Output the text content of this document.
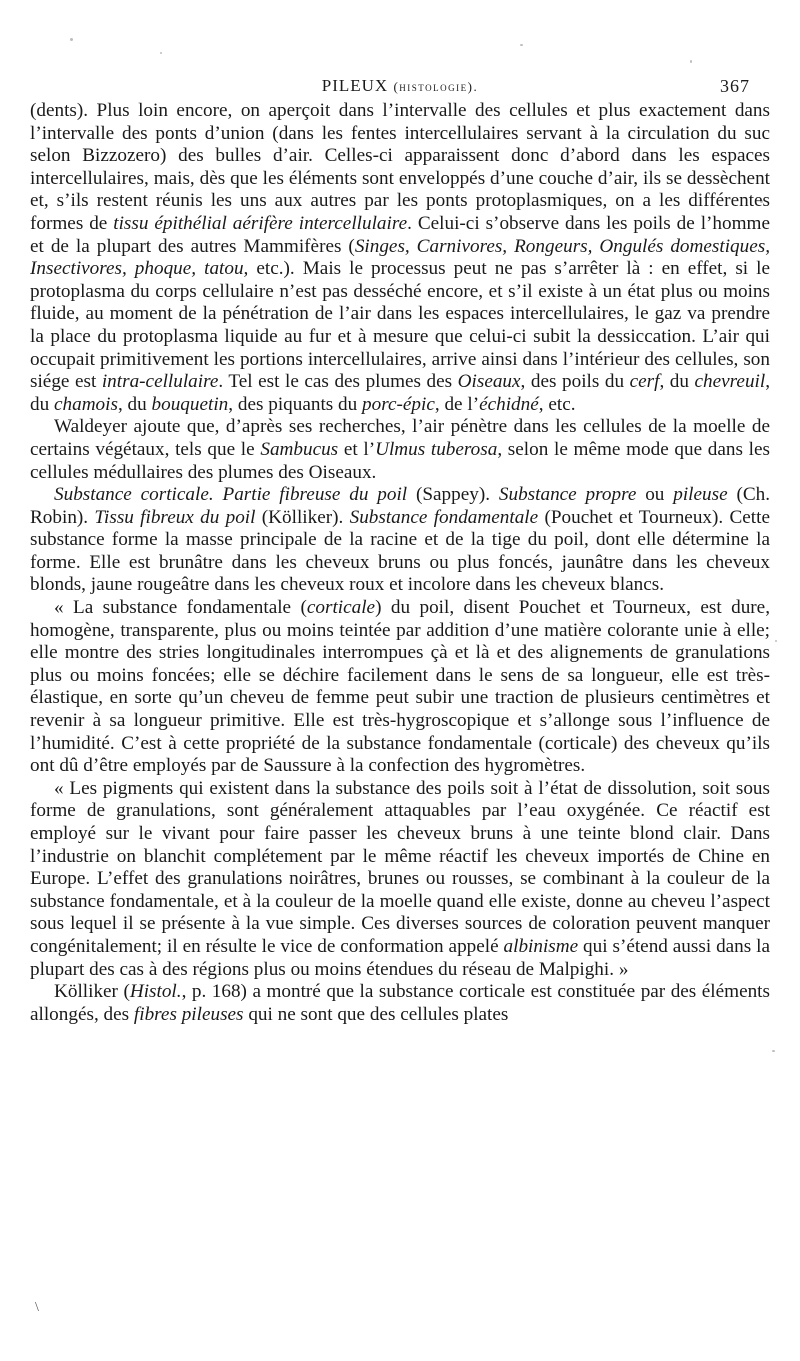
PILEUX (histologie).	367

(dents). Plus loin encore, on aperçoit dans l’intervalle des cellules et plus exactement dans l’intervalle des ponts d’union (dans les fentes intercellulaires servant à la circulation du suc selon Bizzozero) des bulles d’air. Celles-ci apparaissent donc d’abord dans les espaces intercellulaires, mais, dès que les éléments sont enveloppés d’une couche d’air, ils se dessèchent et, s’ils restent réunis les uns aux autres par les ponts protoplasmiques, on a les différentes formes de tissu épithélial aérifère intercellulaire. Celui-ci s’observe dans les poils de l’homme et de la plupart des autres Mammifères (Singes, Carnivores, Rongeurs, Ongulés domestiques, Insectivores, phoque, tatou, etc.). Mais le processus peut ne pas s’arrêter là : en effet, si le protoplasma du corps cellulaire n’est pas desséché encore, et s’il existe à un état plus ou moins fluide, au moment de la pénétration de l’air dans les espaces intercellulaires, le gaz va prendre la place du protoplasma liquide au fur et à mesure que celui-ci subit la dessiccation. L’air qui occupait primitivement les portions intercellulaires, arrive ainsi dans l’intérieur des cellules, son siége est intra-cellulaire. Tel est le cas des plumes des Oiseaux, des poils du cerf, du chevreuil, du chamois, du bouquetin, des piquants du porc-épic, de l’échidné, etc.

Waldeyer ajoute que, d’après ses recherches, l’air pénètre dans les cellules de la moelle de certains végétaux, tels que le Sambucus et l’Ulmus tuberosa, selon le même mode que dans les cellules médullaires des plumes des Oiseaux.

Substance corticale. Partie fibreuse du poil (Sappey). Substance propre ou pileuse (Ch. Robin). Tissu fibreux du poil (Kölliker). Substance fondamentale (Pouchet et Tourneux). Cette substance forme la masse principale de la racine et de la tige du poil, dont elle détermine la forme. Elle est brunâtre dans les cheveux bruns ou plus foncés, jaunâtre dans les cheveux blonds, jaune rougeâtre dans les cheveux roux et incolore dans les cheveux blancs.

« La substance fondamentale (corticale) du poil, disent Pouchet et Tourneux, est dure, homogène, transparente, plus ou moins teintée par addition d’une matière colorante unie à elle; elle montre des stries longitudinales interrompues çà et là et des alignements de granulations plus ou moins foncées; elle se déchire facilement dans le sens de sa longueur, elle est très-élastique, en sorte qu’un cheveu de femme peut subir une traction de plusieurs centimètres et revenir à sa longueur primitive. Elle est très-hygroscopique et s’allonge sous l’influence de l’humidité. C’est à cette propriété de la substance fondamentale (corticale) des cheveux qu’ils ont dû d’être employés par de Saussure à la confection des hygromètres.

« Les pigments qui existent dans la substance des poils soit à l’état de dissolution, soit sous forme de granulations, sont généralement attaquables par l’eau oxygénée. Ce réactif est employé sur le vivant pour faire passer les cheveux bruns à une teinte blond clair. Dans l’industrie on blanchit complétement par le même réactif les cheveux importés de Chine en Europe. L’effet des granulations noirâtres, brunes ou rousses, se combinant à la couleur de la substance fondamentale, et à la couleur de la moelle quand elle existe, donne au cheveu l’aspect sous lequel il se présente à la vue simple. Ces diverses sources de coloration peuvent manquer congénitalement; il en résulte le vice de conformation appelé albinisme qui s’étend aussi dans la plupart des cas à des régions plus ou moins étendues du réseau de Malpighi. »

Kölliker (Histol., p. 168) a montré que la substance corticale est constituée par des éléments allongés, des fibres pileuses qui ne sont que des cellules plates

\
